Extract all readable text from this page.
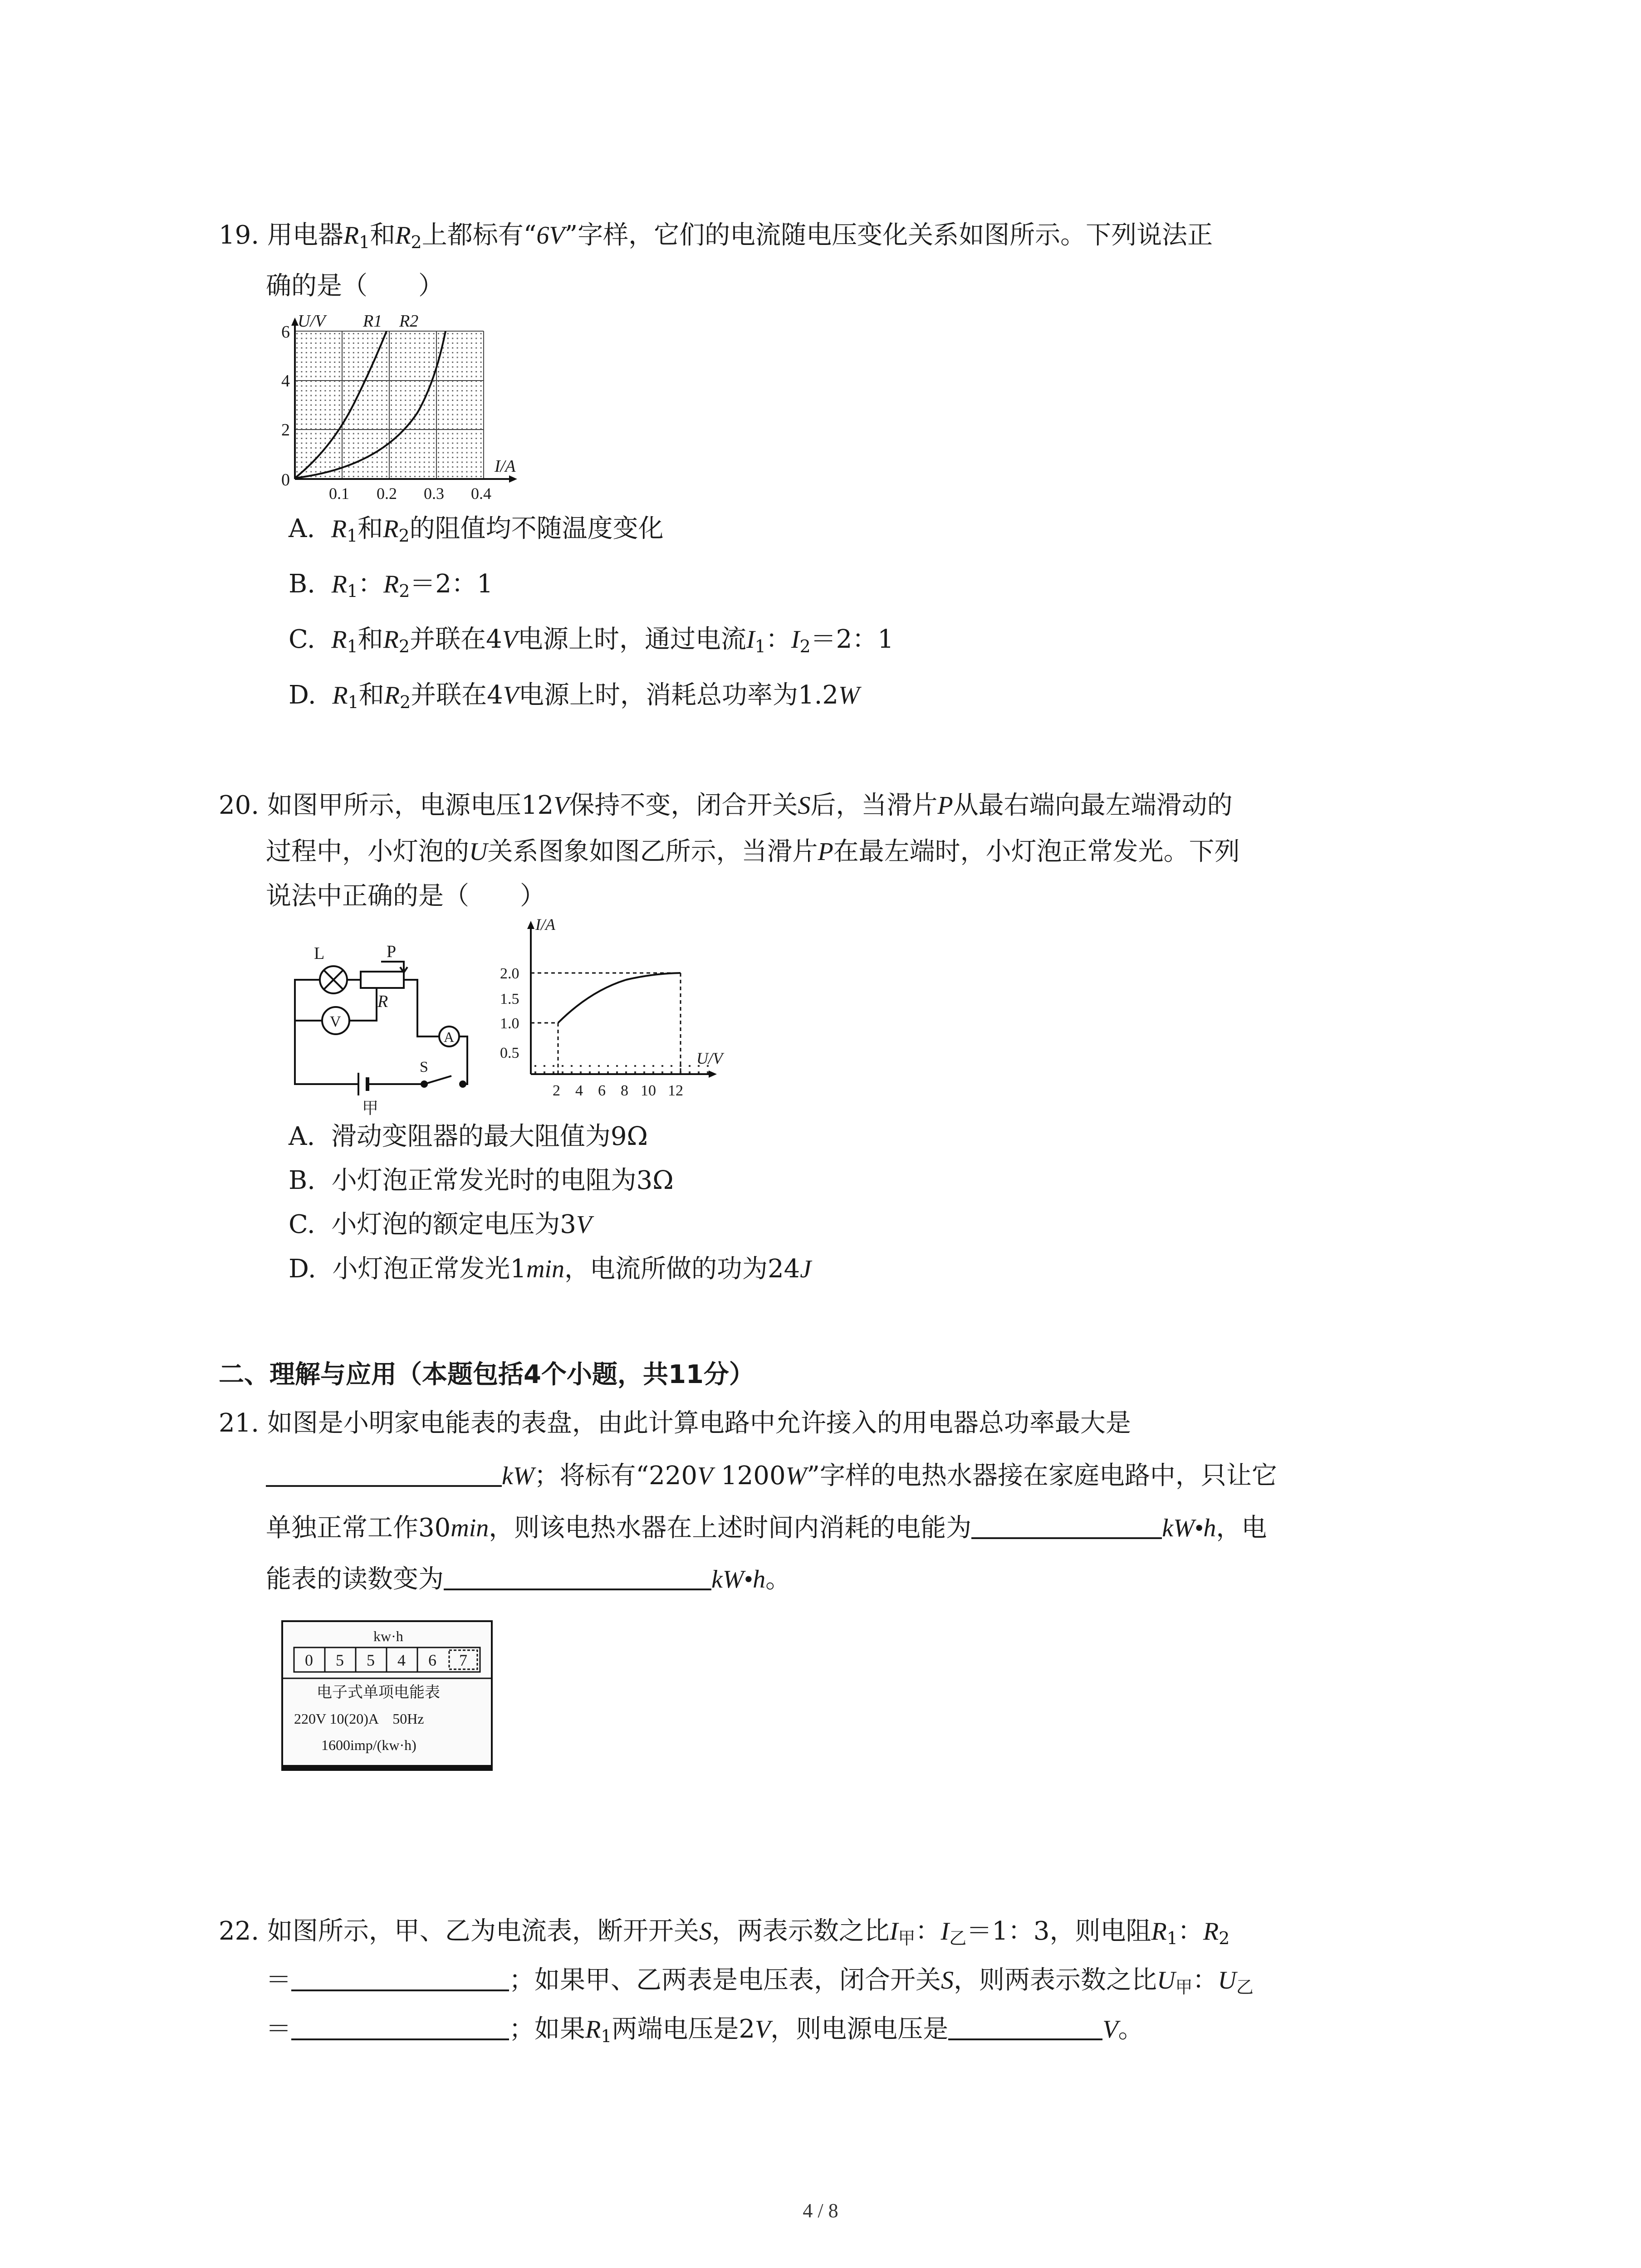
19. 用电器$R_1$和$R_2$上都标有“6V”字样，它们的电流随电压变化关系如图所示。下列说法正
确的是（　　）
U/V R1 R2
I/A
0
2
4
6
0.1 0.2 0.3 0.4
A. $R_1$和$R_2$的阻值均不随温度变化
B. $R_1$：$R_2=2$：1
C. $R_1$和$R_2$并联在4V电源上时，通过电流$I_1$：$I_2=2$：1
D. $R_1$和$R_2$并联在4V电源上时，消耗总功率为1.2W
20. 如图甲所示，电源电压12V保持不变，闭合开关S后，当滑片P从最右端向最左端滑动的
过程中，小灯泡的U关系图象如图乙所示，当滑片P在最左端时，小灯泡正常发光。下列
说法中正确的是（　　）
L	P
R
V
A
S
甲
I/A
U/V
2.0
1.5
1.0
0.5
2 4 6 8 10 12
A. 滑动变阻器的最大阻值为9Ω
B. 小灯泡正常发光时的电阻为3Ω
C. 小灯泡的额定电压为3V
D. 小灯泡正常发光1min，电流所做的功为24J
二、理解与应用（本题包括4个小题，共11分）
21. 如图是小明家电能表的表盘，由此计算电路中允许接入的用电器总功率最大是
kW；将标有“220V 1200W”字样的电热水器接在家庭电路中，只让它
单独正常工作30min，则该电热水器在上述时间内消耗的电能为	kW•h，电
能表的读数变为	kW•h。
kw·h
0 5 5 4 6 7
电子式单项电能表
220V 10(20)A　50Hz
1600imp/(kw·h)
22. 如图所示，甲、乙为电流表，断开开关S，两表示数之比$I_甲$：$I_乙=1$：3，则电阻$R_1$：$R_2$
＝	；如果甲、乙两表是电压表，闭合开关S，则两表示数之比$U_甲$：$U_乙$
＝	；如果$R_1$两端电压是2V，则电源电压是	V。
4 / 8
